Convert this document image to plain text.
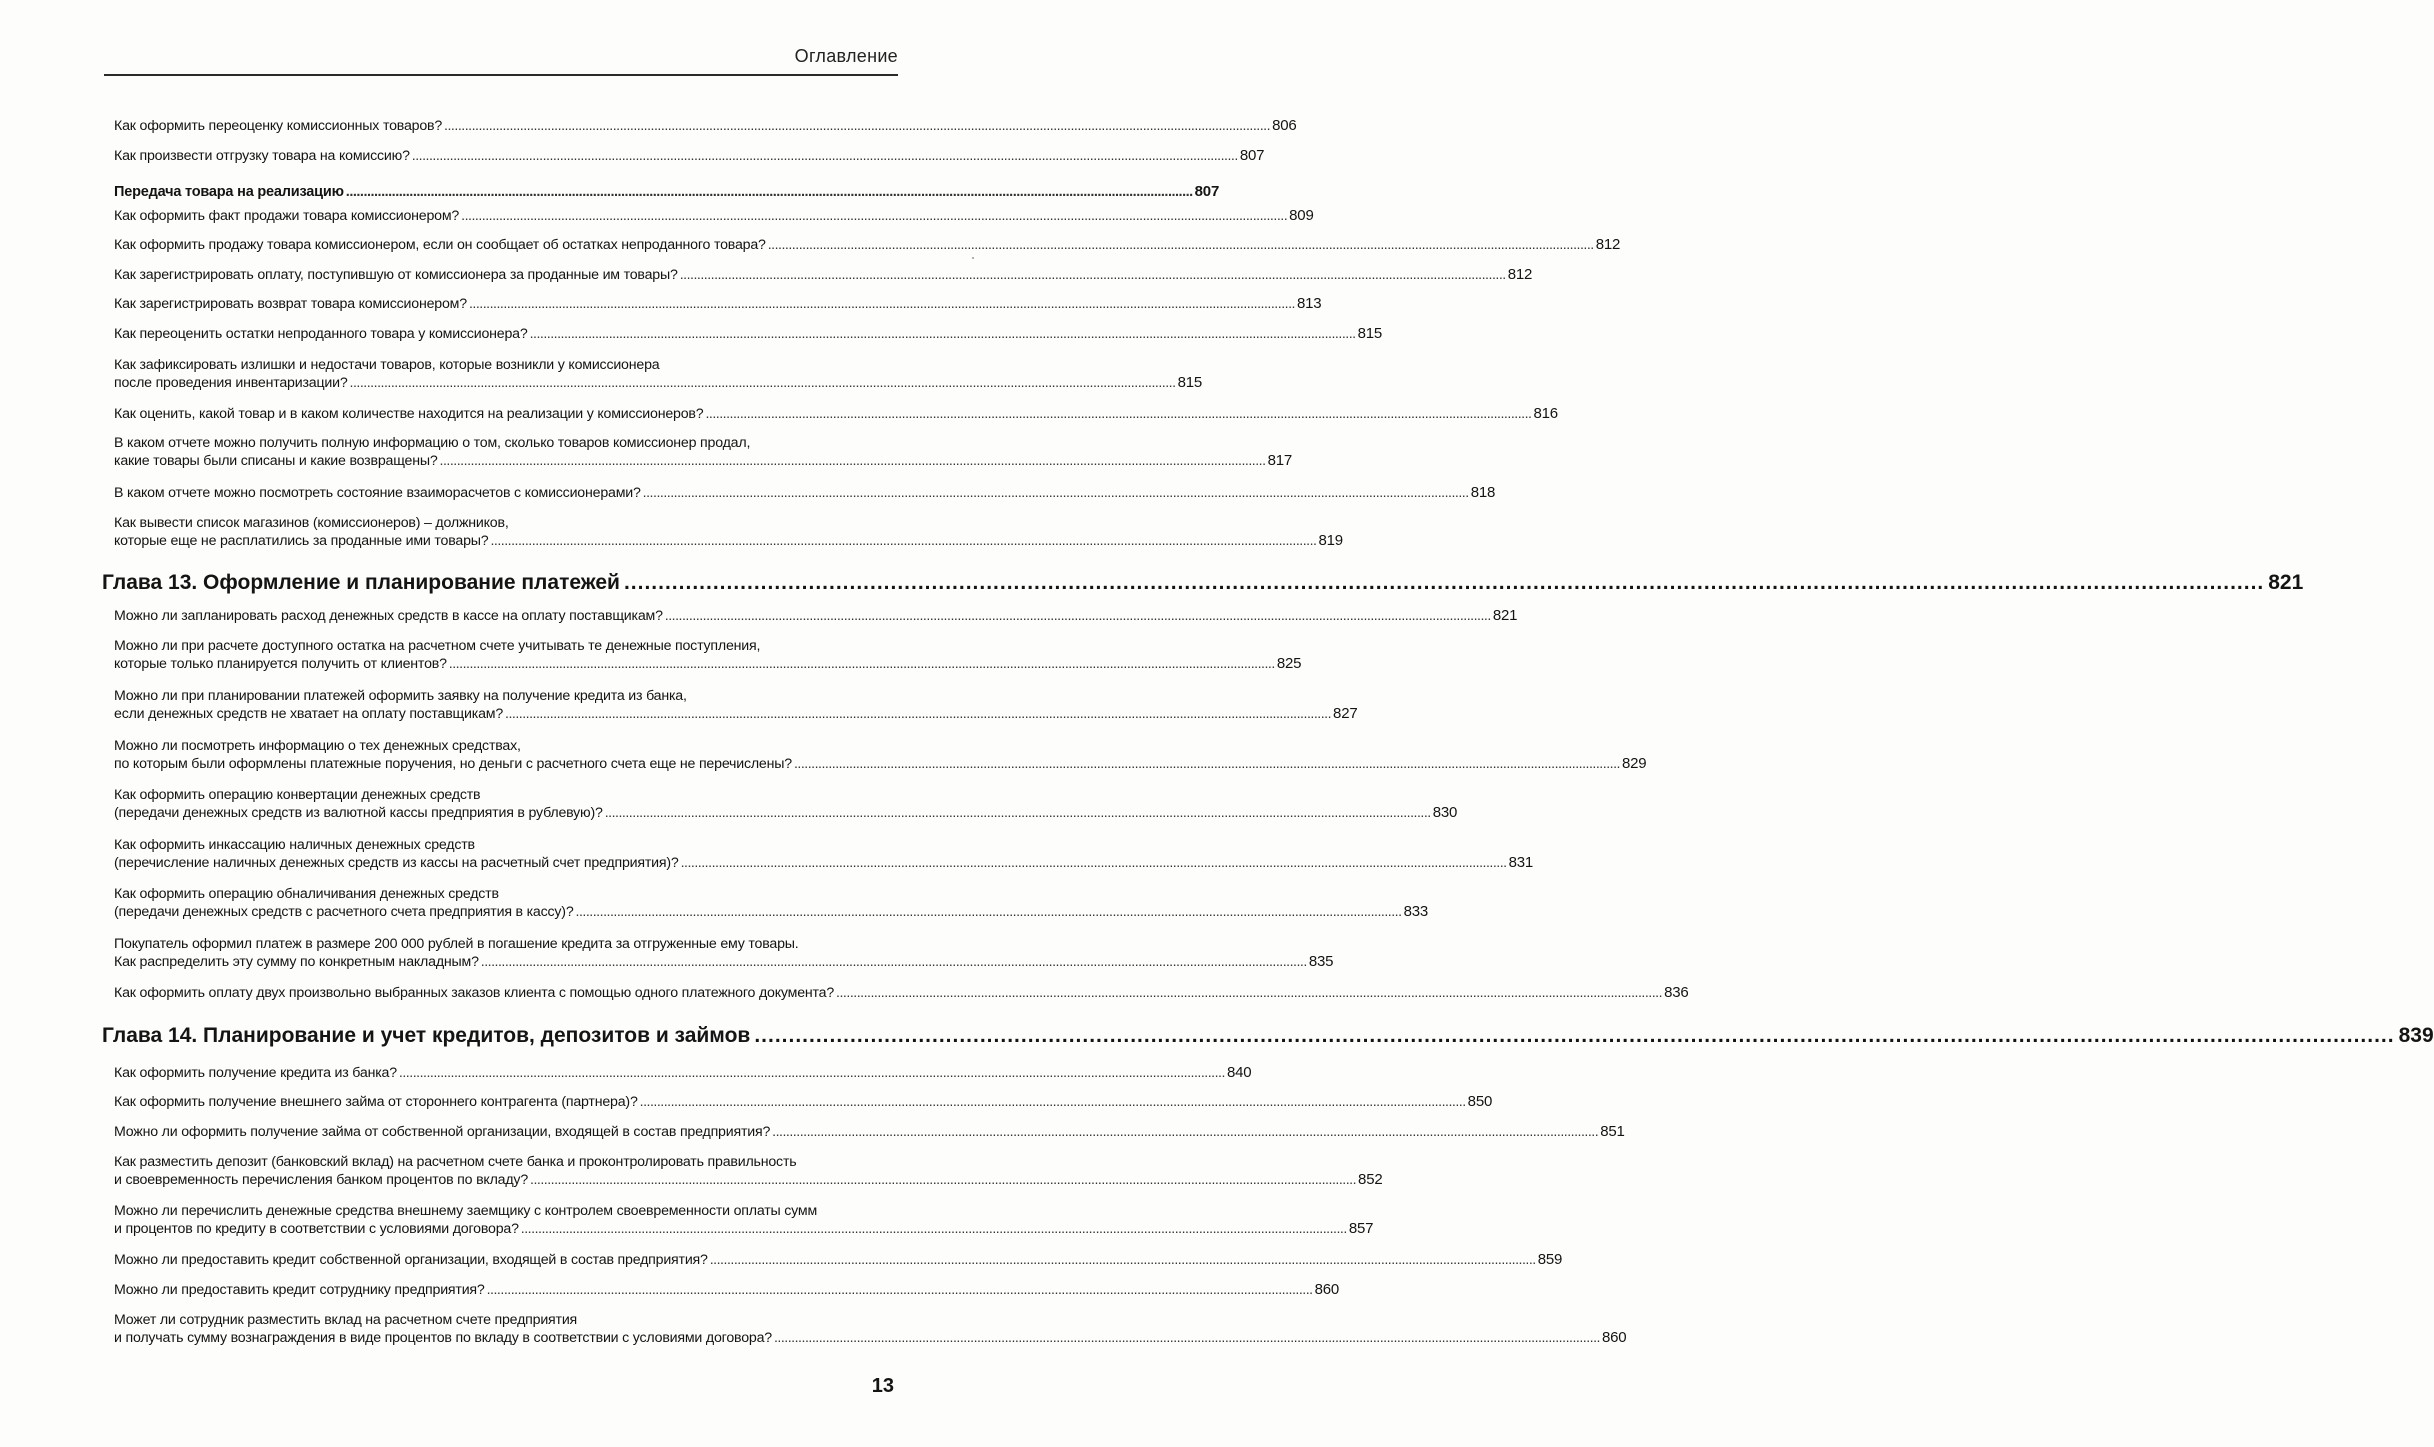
Оглавление
Как оформить переоценку комиссионных товаров? ................................................................................................................................................................................................................................................ 806
Как произвести отгрузку товара на комиссию? ................................................................................................................................................................................................................................................ 807
Передача товара на реализацию ................................................................................................................................................................................................................................................ 807
Как оформить факт продажи товара комиссионером? ................................................................................................................................................................................................................................................ 809
Как оформить продажу товара комиссионером, если он сообщает об остатках непроданного товара? ................................................................................................................................................................................................................................................ 812
Как зарегистрировать оплату, поступившую от комиссионера за проданные им товары? ................................................................................................................................................................................................................................................ 812
Как зарегистрировать возврат товара комиссионером? ................................................................................................................................................................................................................................................ 813
Как переоценить остатки непроданного товара у комиссионера? ................................................................................................................................................................................................................................................ 815
Как зафиксировать излишки и недостачи товаров, которые возникли у комиссионера
после проведения инвентаризации? ................................................................................................................................................................................................................................................ 815
Как оценить, какой товар и в каком количестве находится на реализации у комиссионеров? ................................................................................................................................................................................................................................................ 816
В каком отчете можно получить полную информацию о том, сколько товаров комиссионер продал,
какие товары были списаны и какие возвращены? ................................................................................................................................................................................................................................................ 817
В каком отчете можно посмотреть состояние взаиморасчетов с комиссионерами? ................................................................................................................................................................................................................................................ 818
Как вывести список магазинов (комиссионеров) – должников,
которые еще не расплатились за проданные ими товары? ................................................................................................................................................................................................................................................ 819
Глава 13. Оформление и планирование платежей ................................................................................................................................................................................................................................................ 821
Можно ли запланировать расход денежных средств в кассе на оплату поставщикам? ................................................................................................................................................................................................................................................ 821
Можно ли при расчете доступного остатка на расчетном счете учитывать те денежные поступления,
которые только планируется получить от клиентов? ................................................................................................................................................................................................................................................ 825
Можно ли при планировании платежей оформить заявку на получение кредита из банка,
если денежных средств не хватает на оплату поставщикам? ................................................................................................................................................................................................................................................ 827
Можно ли посмотреть информацию о тех денежных средствах,
по которым были оформлены платежные поручения, но деньги с расчетного счета еще не перечислены? ................................................................................................................................................................................................................................................ 829
Как оформить операцию конвертации денежных средств
(передачи денежных средств из валютной кассы предприятия в рублевую)? ................................................................................................................................................................................................................................................ 830
Как оформить инкассацию наличных денежных средств
(перечисление наличных денежных средств из кассы на расчетный счет предприятия)? ................................................................................................................................................................................................................................................ 831
Как оформить операцию обналичивания денежных средств
(передачи денежных средств с расчетного счета предприятия в кассу)? ................................................................................................................................................................................................................................................ 833
Покупатель оформил платеж в размере 200 000 рублей в погашение кредита за отгруженные ему товары.
Как распределить эту сумму по конкретным накладным? ................................................................................................................................................................................................................................................ 835
Как оформить оплату двух произвольно выбранных заказов клиента с помощью одного платежного документа? ................................................................................................................................................................................................................................................ 836
Глава 14. Планирование и учет кредитов, депозитов и займов ................................................................................................................................................................................................................................................ 839
Как оформить получение кредита из банка? ................................................................................................................................................................................................................................................ 840
Как оформить получение внешнего займа от стороннего контрагента (партнера)? ................................................................................................................................................................................................................................................ 850
Можно ли оформить получение займа от собственной организации, входящей в состав предприятия? ................................................................................................................................................................................................................................................ 851
Как разместить депозит (банковский вклад) на расчетном счете банка и проконтролировать правильность
и своевременность перечисления банком процентов по вкладу? ................................................................................................................................................................................................................................................ 852
Можно ли перечислить денежные средства внешнему заемщику с контролем своевременности оплаты сумм
и процентов по кредиту в соответствии с условиями договора? ................................................................................................................................................................................................................................................ 857
Можно ли предоставить кредит собственной организации, входящей в состав предприятия? ................................................................................................................................................................................................................................................ 859
Можно ли предоставить кредит сотруднику предприятия? ................................................................................................................................................................................................................................................ 860
Может ли сотрудник разместить вклад на расчетном счете предприятия
и получать сумму вознаграждения в виде процентов по вкладу в соответствии с условиями договора? ................................................................................................................................................................................................................................................ 860
13
